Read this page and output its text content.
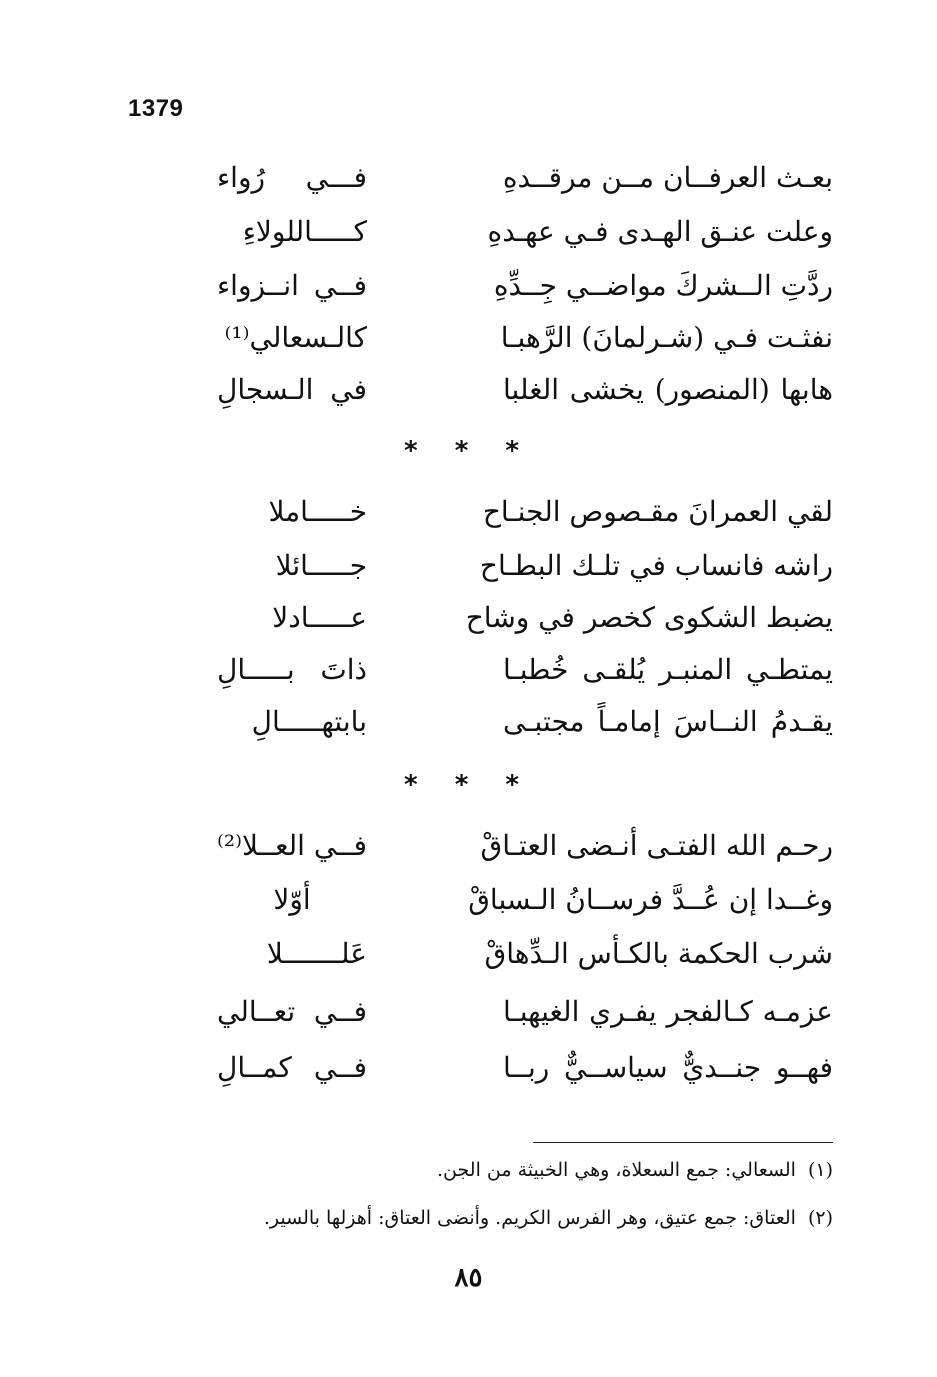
1379
بعـث العرفــان مــن مرقــدهِ
فـــي رُواء
وعلت عنـق الهـدى فـي عهـدهِ
كـــــاللولاءِ
ردَّتِ الــشركَ مواضــي جِــدِّهِ
فــي انــزواء
نفثـت فـي (شـرلمانَ) الرَّهبـا
كالـسعالي⁽¹⁾
هابها (المنصور) يخشى الغلبا
في الـسجالِ
* * *
لقي العمرانَ مقـصوص الجنـاح
خـــــاملا
راشه فانساب في تلـك البطـاح
جـــــائلا
يضبط الشكوى كخصر في وشاح
عـــــادلا
يمتطـي المنبـر يُلقـى خُطبـا
ذاتَ بـــــالِ
يقـدمُ النــاسَ إمامـاً مجتبـى
بابتهـــــالِ
* * *
رحـم الله الفتـى أنـضى العتـاقْ
فــي العــلا⁽²⁾
وغــدا إن عُــدَّ فرســانُ الـسباقْ
أوّلا
شرب الحكمة بالكـأس الـدِّهاقْ
عَلـــــــلا
عزمـه كـالفجر يفـري الغيهبـا
فــي تعــالي
فهــو جنــديٌّ سياســيٌّ ربــا
فــي كمــالِ
(١)السعالي: جمع السعلاة، وهي الخبيثة من الجن.
(٢)العتاق: جمع عتيق، وهر الفرس الكريم. وأنضى العتاق: أهزلها بالسير.
٨٥
